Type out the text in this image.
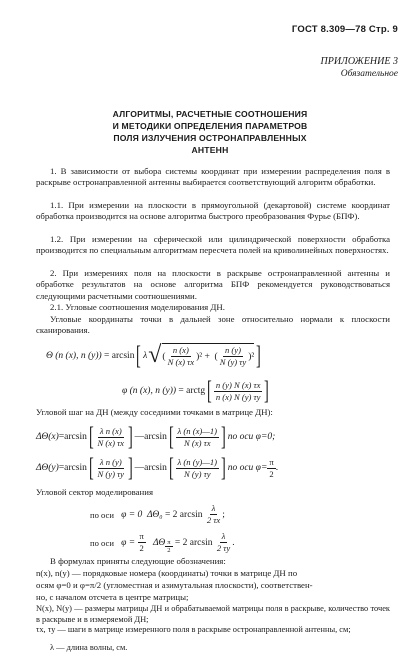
ГОСТ 8.309—78 Стр. 9
ПРИЛОЖЕНИЕ 3
Обязательное
АЛГОРИТМЫ, РАСЧЕТНЫЕ СООТНОШЕНИЯ
И МЕТОДИКИ ОПРЕДЕЛЕНИЯ ПАРАМЕТРОВ
ПОЛЯ ИЗЛУЧЕНИЯ ОСТРОНАПРАВЛЕННЫХ
АНТЕНН
1. В зависимости от выбора системы координат при измерении распределения поля в раскрыве остронаправленной антенны выбирается соответствующий алгоритм обработки.
1.1. При измерении на плоскости в прямоугольной (декартовой) системе координат обработка производится на основе алгоритма быстрого преобразования Фурье (БПФ).
1.2. При измерении на сферической или цилиндрической поверхности обработка производится по специальным алгоритмам пересчета полей на криволинейных поверхностях.
2. При измерениях поля на плоскости в раскрыве остронаправленной антенны и обработке результатов на основе алгоритма БПФ рекомендуется руководствоваться следующими расчетными соотношениями.
2.1. Угловые соотношения моделирования ДН.
Угловые координаты точки в дальней зоне относительно нормали к плоскости сканирования.
Θ (n (x), n (y))
=
arcsin [ λ √ ( $\frac{n (x)}{N (x) \tau x} )^2$ +  ( $\frac{n (y)}{N (y) \tau y} )^2$ ]
φ (n (x), n (y))
=
arctg [ $\frac{n (y) N (x) \tau x}{n (x) N (y) \tau y}$ ]
Угловой шаг на ДН (между соседними точками в матрице ДН):
ΔΘ(x) = arcsin [ $\frac{\text{λ n (x)}}{N (x) \tau x}$ ] — arcsin [ $\frac{\lambda (n (x)—1)}{N (x) \tau x}$ ] по оси φ=0;
ΔΘ(y) = arcsin [ $\frac{\text{λ n (y)}}{N (y) \tau y}$ ] — arcsin [ $\frac{\lambda (n (y)—1)}{N (y) \tau y}$ ] по оси $\varphi= \frac{\pi}{2}$ .
Угловой сектор моделирования
по оси
φ = 0
ΔΘ₀
= 2 arcsin
$\frac{\lambda}{2 \tau x}$ ;
по оси
φ =
$\frac{\pi}{2}$
ΔΘ $\frac{\pi}{2}$
= 2 arcsin
$\frac{\lambda}{2 \tau y}$ .
В формулах приняты следующие обозначения:
n(x), n(y) — порядковые номера (координаты) точки в матрице ДН по
осям φ=0 и φ=π/2 (угломестная и азимутальная плоскости), соответствен-
но, с началом отсчета в центре матрицы;
N(x), N(y) — размеры матрицы ДН и обрабатываемой матрицы поля в раскрыве, количество точек в раскрыве и в измеряемой ДН;
τx, τy — шаги в матрице измеренного поля в раскрыве остронаправленной антенны, см;
λ — длина волны, см.
